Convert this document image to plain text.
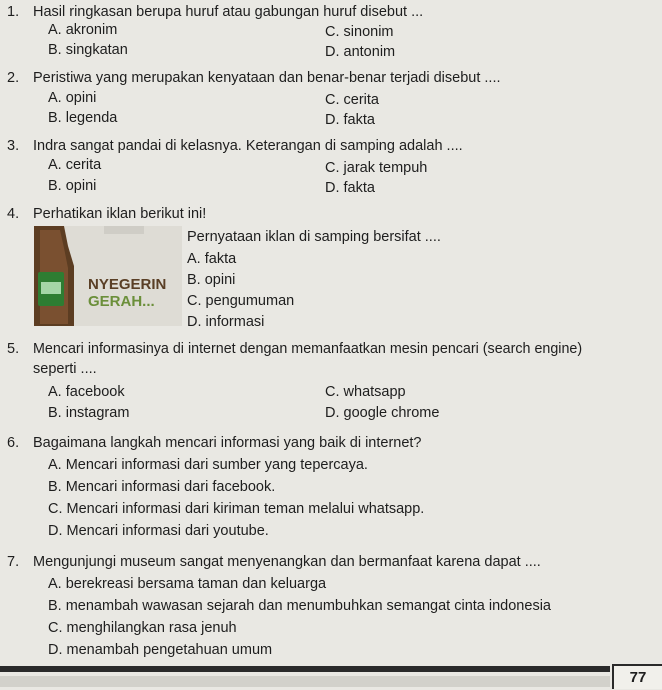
1. Hasil ringkasan berupa huruf atau gabungan huruf disebut ...
A. akronim
B. singkatan
C. sinonim
D. antonim
2. Peristiwa yang merupakan kenyataan dan benar-benar terjadi disebut ....
A. opini
B. legenda
C. cerita
D. fakta
3. Indra sangat pandai di kelasnya. Keterangan di samping adalah ....
A. cerita
B. opini
C. jarak tempuh
D. fakta
4. Perhatikan iklan berikut ini!
NYEGERIN
GERAH...
Pernyataan iklan di samping bersifat ....
A. fakta
B. opini
C. pengumuman
D. informasi
5. Mencari informasinya di internet dengan memanfaatkan mesin pencari (search engine)
seperti ....
A. facebook
B. instagram
C. whatsapp
D. google chrome
6. Bagaimana langkah mencari informasi yang baik di internet?
A. Mencari informasi dari sumber yang tepercaya.
B. Mencari informasi dari facebook.
C. Mencari informasi dari kiriman teman melalui whatsapp.
D. Mencari informasi dari youtube.
7. Mengunjungi museum sangat menyenangkan dan bermanfaat karena dapat ....
A. berekreasi bersama taman dan keluarga
B. menambah wawasan sejarah dan menumbuhkan semangat cinta indonesia
C. menghilangkan rasa jenuh
D. menambah pengetahuan umum
77
